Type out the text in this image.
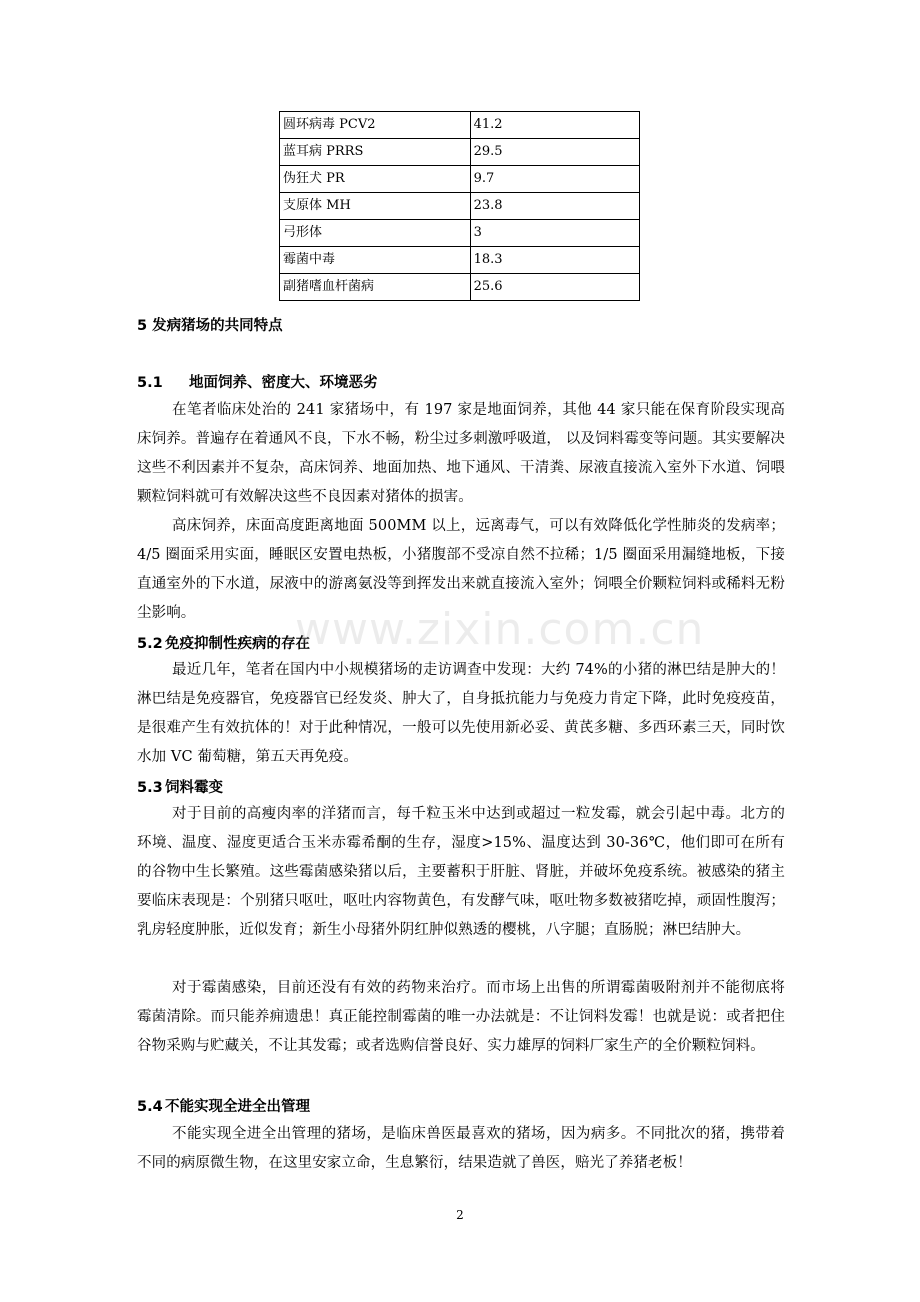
圆环病毒 PCV2	41.2
蓝耳病 PRRS	29.5
伪狂犬 PR	9.7
支原体 MH	23.8
弓形体	3
霉菌中毒	18.3
副猪嗜血杆菌病	25.6
5 发病猪场的共同特点
5.1 地面饲养、密度大、环境恶劣

在笔者临床处治的 241 家猪场中，有 197 家是地面饲养，其他 44 家只能在保育阶段实现高床饲养。普遍存在着通风不良，下水不畅，粉尘过多刺激呼吸道， 以及饲料霉变等问题。其实要解决这些不利因素并不复杂，高床饲养、地面加热、地下通风、干清粪、尿液直接流入室外下水道、饲喂颗粒饲料就可有效解决这些不良因素对猪体的损害。

高床饲养，床面高度距离地面 500MM 以上，远离毒气，可以有效降低化学性肺炎的发病率；4/5 圈面采用实面，睡眠区安置电热板，小猪腹部不受凉自然不拉稀；1/5 圈面采用漏缝地板，下接直通室外的下水道，尿液中的游离氨没等到挥发出来就直接流入室外；饲喂全价颗粒饲料或稀料无粉尘影响。

5.2 免疫抑制性疾病的存在

最近几年，笔者在国内中小规模猪场的走访调查中发现：大约 74%的小猪的淋巴结是肿大的！淋巴结是免疫器官，免疫器官已经发炎、肿大了，自身抵抗能力与免疫力肯定下降，此时免疫疫苗，是很难产生有效抗体的！对于此种情况，一般可以先使用新必妥、黄芪多糖、多西环素三天，同时饮水加 VC 葡萄糖，第五天再免疫。

5.3 饲料霉变

对于目前的高瘦肉率的洋猪而言，每千粒玉米中达到或超过一粒发霉，就会引起中毒。北方的环境、温度、湿度更适合玉米赤霉希酮的生存，湿度>15%、温度达到 30-36℃，他们即可在所有的谷物中生长繁殖。这些霉菌感染猪以后，主要蓄积于肝脏、肾脏，并破坏免疫系统。被感染的猪主要临床表现是：个别猪只呕吐，呕吐内容物黄色，有发酵气味，呕吐物多数被猪吃掉，顽固性腹泻；乳房轻度肿胀，近似发育；新生小母猪外阴红肿似熟透的樱桃，八字腿；直肠脱；淋巴结肿大。

对于霉菌感染，目前还没有有效的药物来治疗。而市场上出售的所谓霉菌吸附剂并不能彻底将霉菌清除。而只能养痈遗患！真正能控制霉菌的唯一办法就是：不让饲料发霉！也就是说：或者把住谷物采购与贮藏关，不让其发霉；或者选购信誉良好、实力雄厚的饲料厂家生产的全价颗粒饲料。

5.4 不能实现全进全出管理

不能实现全进全出管理的猪场，是临床兽医最喜欢的猪场，因为病多。不同批次的猪，携带着不同的病原微生物，在这里安家立命，生息繁衍，结果造就了兽医，赔光了养猪老板！

www.zixin.com.cn
2
